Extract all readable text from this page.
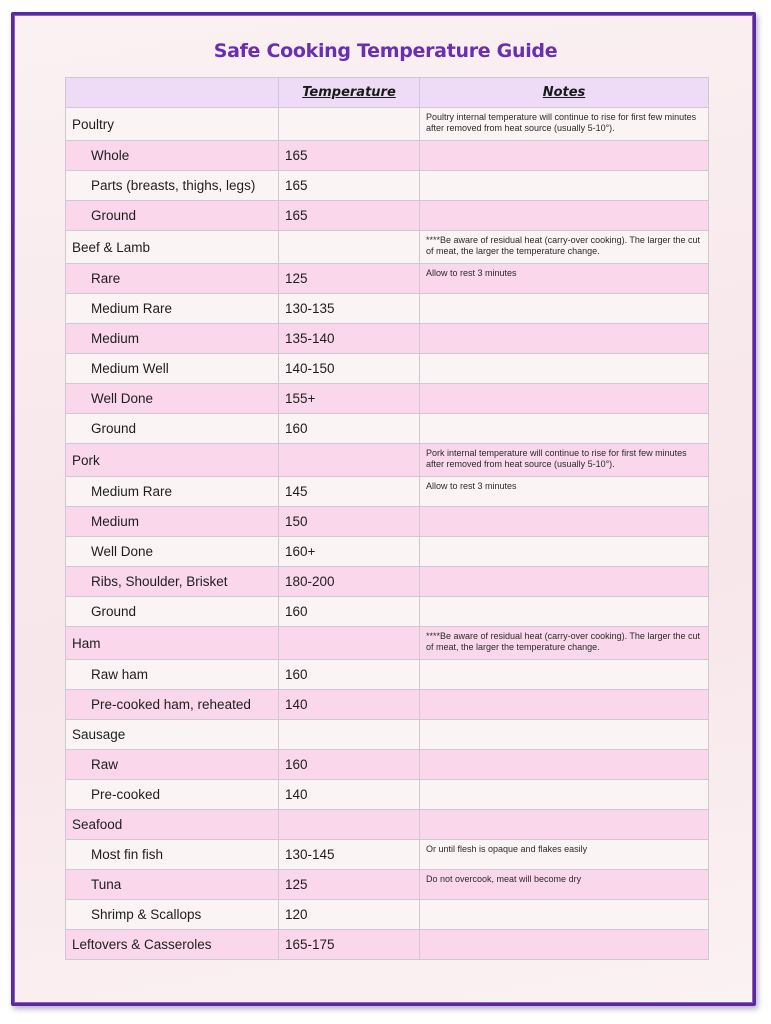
Safe Cooking Temperature Guide
	Temperature	Notes
Poultry		Poultry internal temperature will continue to rise for first few minutes after removed from heat source (usually 5-10°).
Whole	165	
Parts (breasts, thighs, legs)	165	
Ground	165	
Beef & Lamb		****Be aware of residual heat (carry-over cooking). The larger the cut of meat, the larger the temperature change.
Rare	125	Allow to rest 3 minutes
Medium Rare	130-135	
Medium	135-140	
Medium Well	140-150	
Well Done	155+	
Ground	160	
Pork		Pork internal temperature will continue to rise for first few minutes after removed from heat source (usually 5-10°).
Medium Rare	145	Allow to rest 3 minutes
Medium	150	
Well Done	160+	
Ribs, Shoulder, Brisket	180-200	
Ground	160	
Ham		****Be aware of residual heat (carry-over cooking). The larger the cut of meat, the larger the temperature change.
Raw ham	160	
Pre-cooked ham, reheated	140	
Sausage		
Raw	160	
Pre-cooked	140	
Seafood		
Most fin fish	130-145	Or until flesh is opaque and flakes easily
Tuna	125	Do not overcook, meat will become dry
Shrimp & Scallops	120	
Leftovers & Casseroles	165-175	
